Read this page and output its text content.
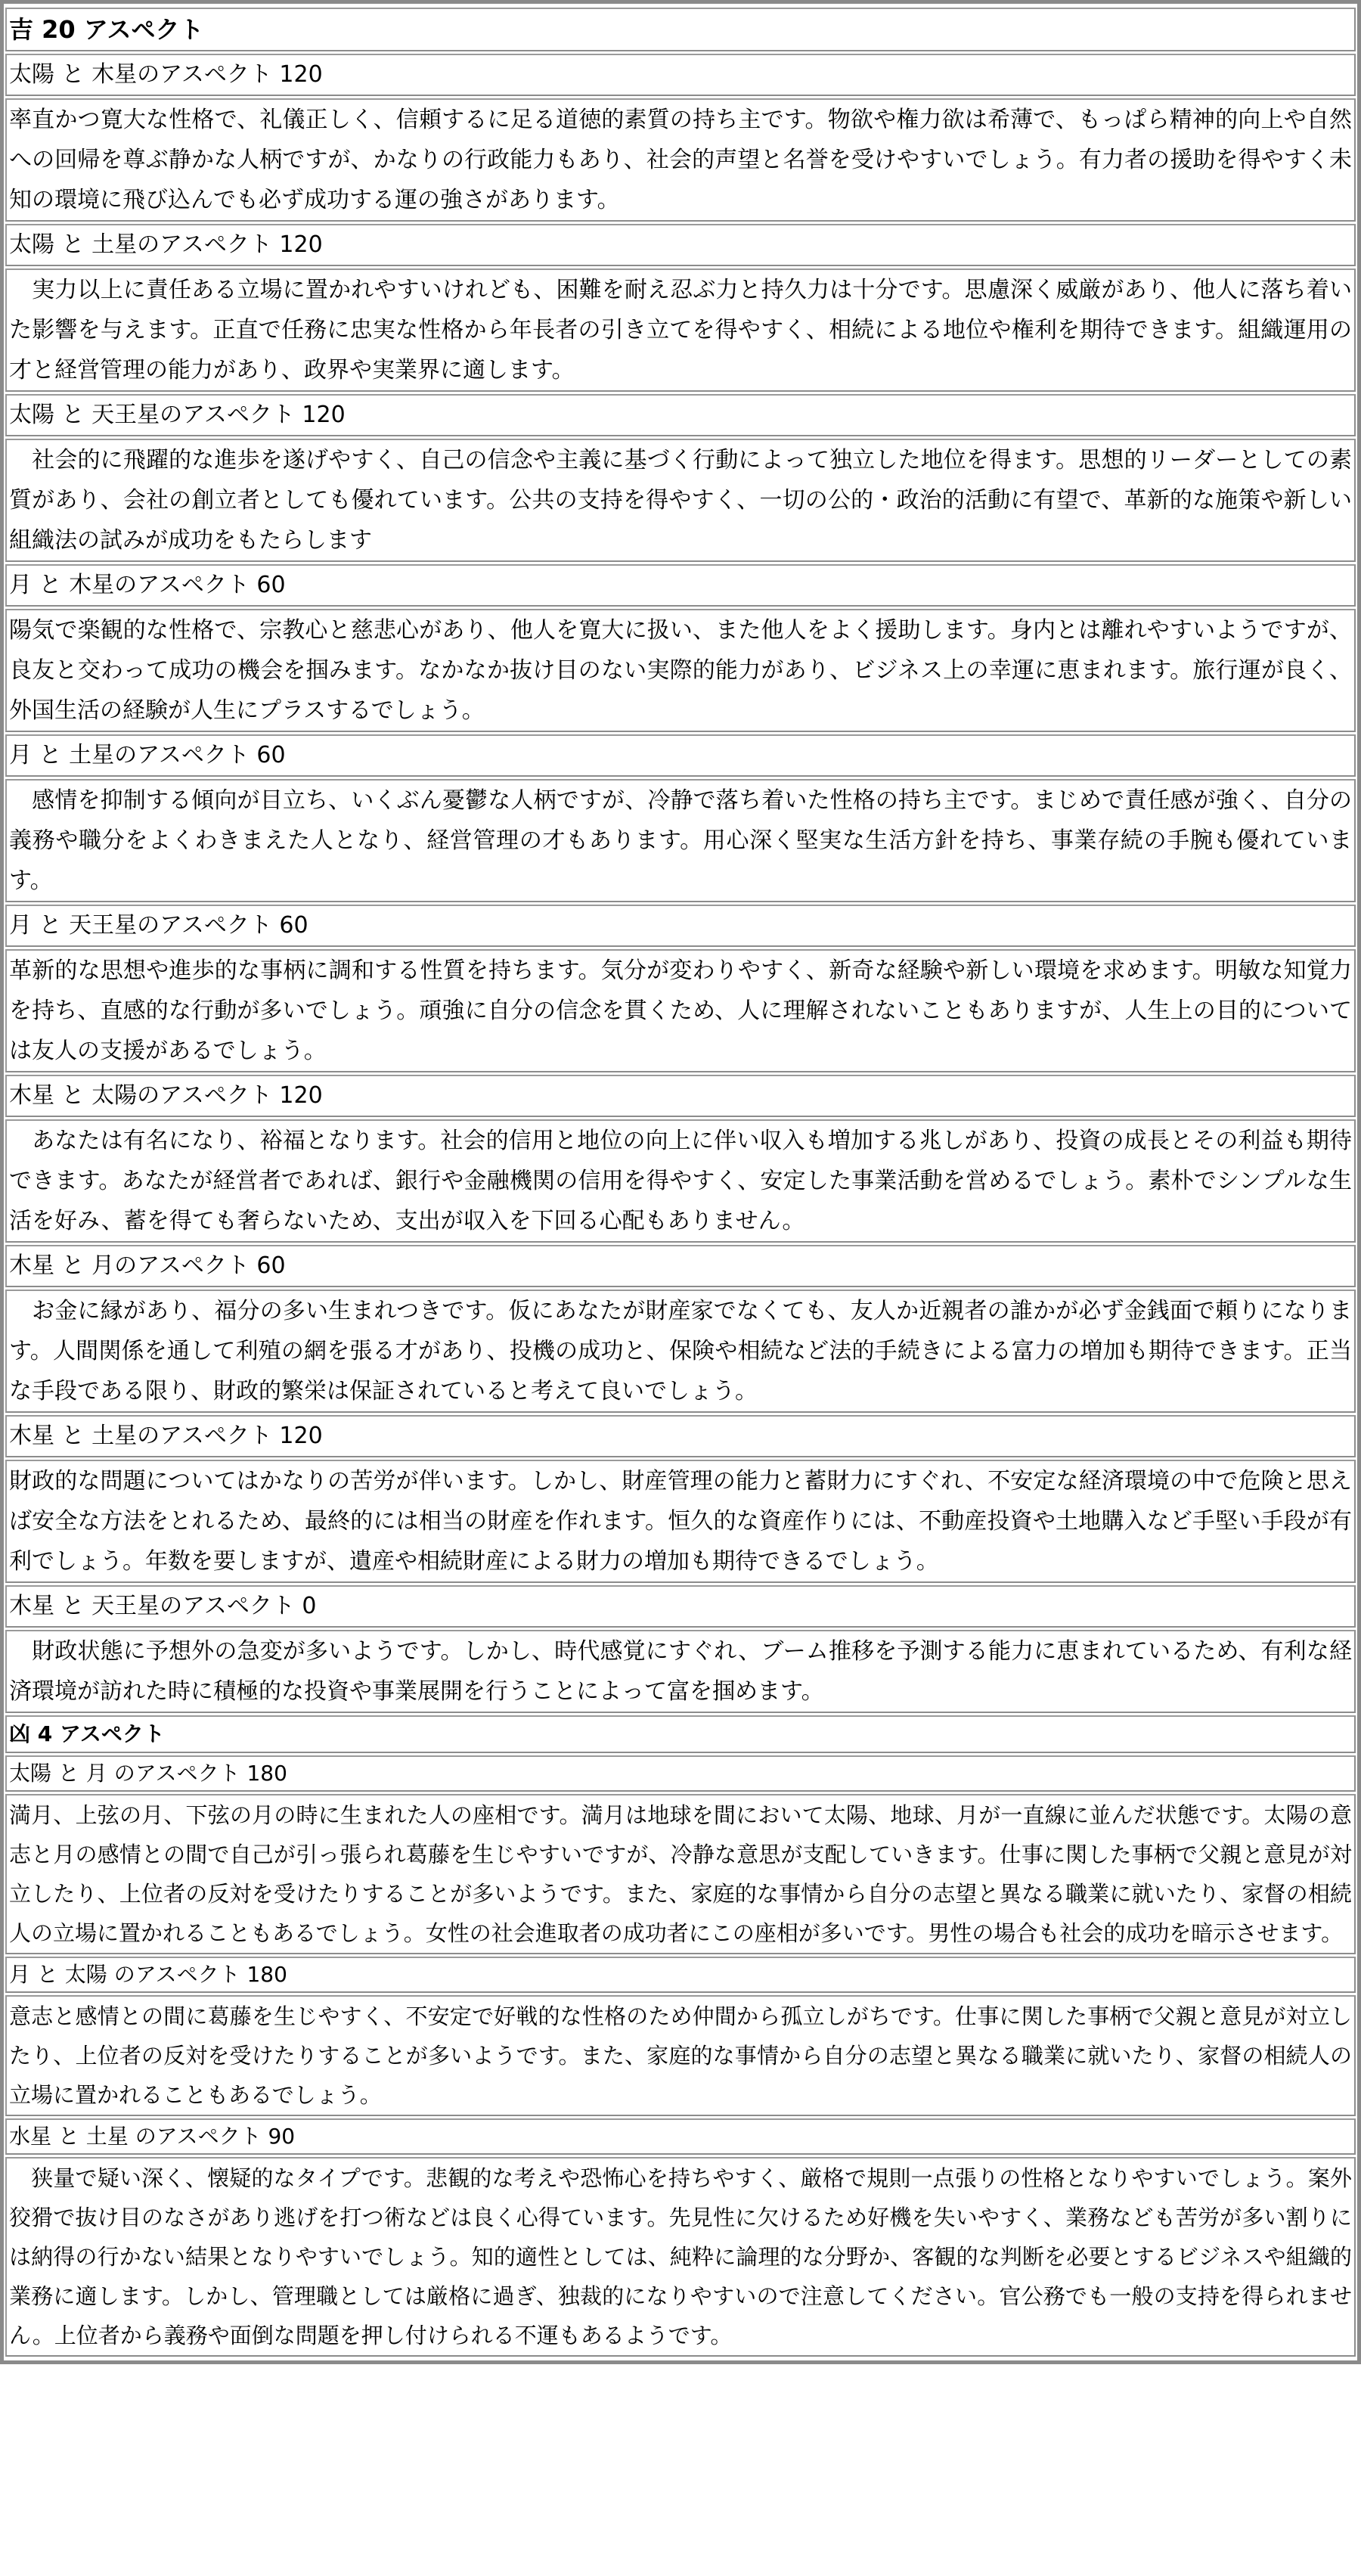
吉 20 アスペクト
太陽 と 木星のアスペクト 120
率直かつ寛大な性格で、礼儀正しく、信頼するに足る道徳的素質の持ち主です。物欲や権力欲は希薄で、もっぱら精神的向上や自然への回帰を尊ぶ静かな人柄ですが、かなりの行政能力もあり、社会的声望と名誉を受けやすいでしょう。有力者の援助を得やすく未知の環境に飛び込んでも必ず成功する運の強さがあります。
太陽 と 土星のアスペクト 120
　実力以上に責任ある立場に置かれやすいけれども、困難を耐え忍ぶ力と持久力は十分です。思慮深く威厳があり、他人に落ち着いた影響を与えます。正直で任務に忠実な性格から年長者の引き立てを得やすく、相続による地位や権利を期待できます。組織運用の才と経営管理の能力があり、政界や実業界に適します。
太陽 と 天王星のアスペクト 120
　社会的に飛躍的な進歩を遂げやすく、自己の信念や主義に基づく行動によって独立した地位を得ます。思想的リーダーとしての素質があり、会社の創立者としても優れています。公共の支持を得やすく、一切の公的・政治的活動に有望で、革新的な施策や新しい組織法の試みが成功をもたらします
月 と 木星のアスペクト 60
陽気で楽観的な性格で、宗教心と慈悲心があり、他人を寛大に扱い、また他人をよく援助します。身内とは離れやすいようですが、良友と交わって成功の機会を掴みます。なかなか抜け目のない実際的能力があり、ビジネス上の幸運に恵まれます。旅行運が良く、外国生活の経験が人生にプラスするでしょう。
月 と 土星のアスペクト 60
　感情を抑制する傾向が目立ち、いくぶん憂鬱な人柄ですが、冷静で落ち着いた性格の持ち主です。まじめで責任感が強く、自分の義務や職分をよくわきまえた人となり、経営管理の才もあります。用心深く堅実な生活方針を持ち、事業存続の手腕も優れています。
月 と 天王星のアスペクト 60
革新的な思想や進歩的な事柄に調和する性質を持ちます。気分が変わりやすく、新奇な経験や新しい環境を求めます。明敏な知覚力を持ち、直感的な行動が多いでしょう。頑強に自分の信念を貫くため、人に理解されないこともありますが、人生上の目的については友人の支援があるでしょう。
木星 と 太陽のアスペクト 120
　あなたは有名になり、裕福となります。社会的信用と地位の向上に伴い収入も増加する兆しがあり、投資の成長とその利益も期待できます。あなたが経営者であれば、銀行や金融機関の信用を得やすく、安定した事業活動を営めるでしょう。素朴でシンプルな生活を好み、蓄を得ても奢らないため、支出が収入を下回る心配もありません。
木星 と 月のアスペクト 60
　お金に縁があり、福分の多い生まれつきです。仮にあなたが財産家でなくても、友人か近親者の誰かが必ず金銭面で頼りになります。人間関係を通して利殖の網を張る才があり、投機の成功と、保険や相続など法的手続きによる富力の増加も期待できます。正当な手段である限り、財政的繁栄は保証されていると考えて良いでしょう。
木星 と 土星のアスペクト 120
財政的な問題についてはかなりの苦労が伴います。しかし、財産管理の能力と蓄財力にすぐれ、不安定な経済環境の中で危険と思えば安全な方法をとれるため、最終的には相当の財産を作れます。恒久的な資産作りには、不動産投資や土地購入など手堅い手段が有利でしょう。年数を要しますが、遺産や相続財産による財力の増加も期待できるでしょう。
木星 と 天王星のアスペクト 0
　財政状態に予想外の急変が多いようです。しかし、時代感覚にすぐれ、ブーム推移を予測する能力に恵まれているため、有利な経済環境が訪れた時に積極的な投資や事業展開を行うことによって富を掴めます。
凶 4 アスペクト
太陽 と 月 のアスペクト 180
満月、上弦の月、下弦の月の時に生まれた人の座相です。満月は地球を間において太陽、地球、月が一直線に並んだ状態です。太陽の意志と月の感情との間で自己が引っ張られ葛藤を生じやすいですが、冷静な意思が支配していきます。仕事に関した事柄で父親と意見が対立したり、上位者の反対を受けたりすることが多いようです。また、家庭的な事情から自分の志望と異なる職業に就いたり、家督の相続人の立場に置かれることもあるでしょう。女性の社会進取者の成功者にこの座相が多いです。男性の場合も社会的成功を暗示させます。
月 と 太陽 のアスペクト 180
意志と感情との間に葛藤を生じやすく、不安定で好戦的な性格のため仲間から孤立しがちです。仕事に関した事柄で父親と意見が対立したり、上位者の反対を受けたりすることが多いようです。また、家庭的な事情から自分の志望と異なる職業に就いたり、家督の相続人の立場に置かれることもあるでしょう。
水星 と 土星 のアスペクト 90
　狭量で疑い深く、懐疑的なタイプです。悲観的な考えや恐怖心を持ちやすく、厳格で規則一点張りの性格となりやすいでしょう。案外狡猾で抜け目のなさがあり逃げを打つ術などは良く心得ています。先見性に欠けるため好機を失いやすく、業務なども苦労が多い割りには納得の行かない結果となりやすいでしょう。知的適性としては、純粋に論理的な分野か、客観的な判断を必要とするビジネスや組織的業務に適します。しかし、管理職としては厳格に過ぎ、独裁的になりやすいので注意してください。官公務でも一般の支持を得られません。上位者から義務や面倒な問題を押し付けられる不運もあるようです。
